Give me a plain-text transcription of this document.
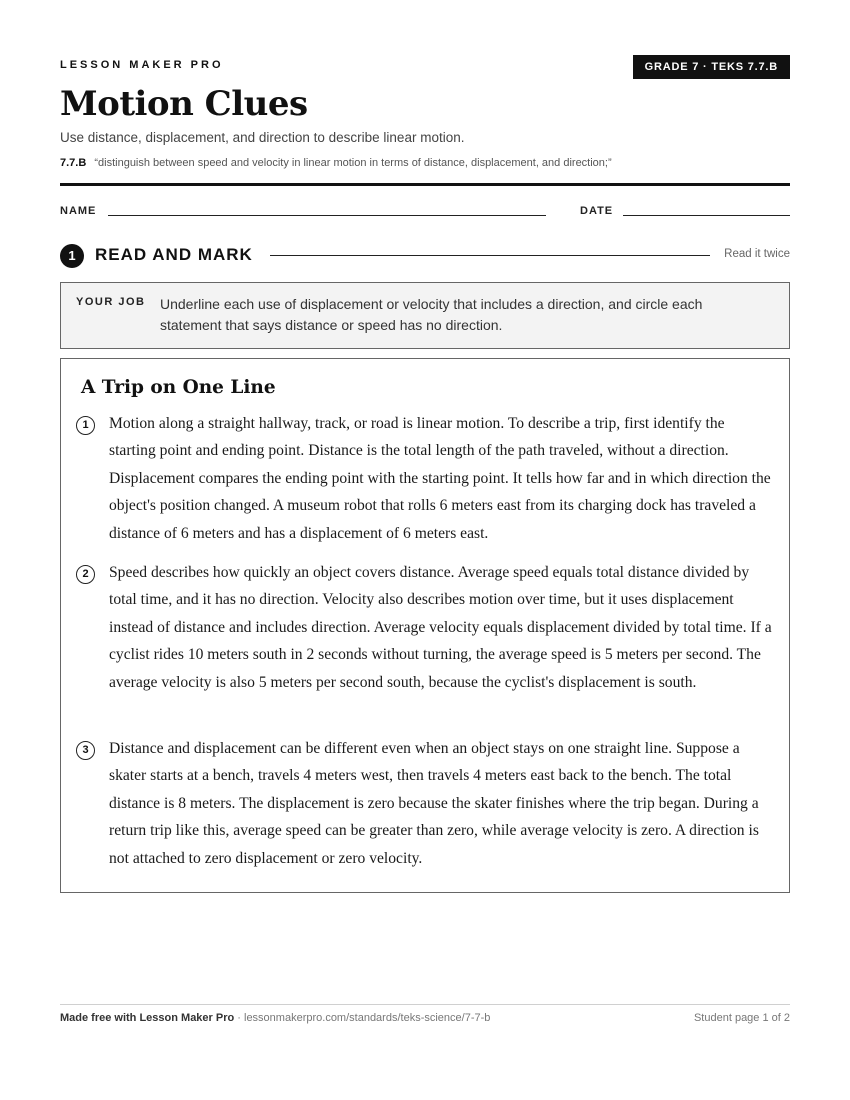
LESSON MAKER PRO	GRADE 7 · TEKS 7.7.B
Motion Clues
Use distance, displacement, and direction to describe linear motion.
7.7.B “distinguish between speed and velocity in linear motion in terms of distance, displacement, and direction;”
NAME	DATE
1	READ AND MARK	Read it twice
YOUR JOB Underline each use of displacement or velocity that includes a direction, and circle each statement that says distance or speed has no direction.
A Trip on One Line
1	Motion along a straight hallway, track, or road is linear motion. To describe a trip, first identify the starting point and ending point. Distance is the total length of the path traveled, without a direction. Displacement compares the ending point with the starting point. It tells how far and in which direction the object's position changed. A museum robot that rolls 6 meters east from its charging dock has traveled a distance of 6 meters and has a displacement of 6 meters east.

2	Speed describes how quickly an object covers distance. Average speed equals total distance divided by total time, and it has no direction. Velocity also describes motion over time, but it uses displacement instead of distance and includes direction. Average velocity equals displacement divided by total time. If a cyclist rides 10 meters south in 2 seconds without turning, the average speed is 5 meters per second. The average velocity is also 5 meters per second south, because the cyclist's displacement is south.

3	Distance and displacement can be different even when an object stays on one straight line. Suppose a skater starts at a bench, travels 4 meters west, then travels 4 meters east back to the bench. The total distance is 8 meters. The displacement is zero because the skater finishes where the trip began. During a return trip like this, average speed can be greater than zero, while average velocity is zero. A direction is not attached to zero displacement or zero velocity.

Made free with Lesson Maker Pro · lessonmakerpro.com/standards/teks-science/7-7-b	Student page 1 of 2
